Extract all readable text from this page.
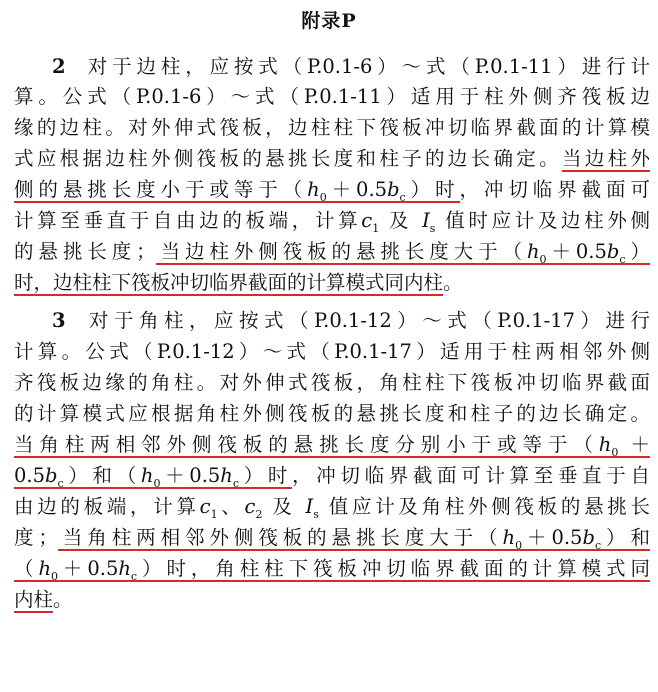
附录P
2 对于边柱，应按式（P.0.1-6）～式（P.0.1-11）进行计
算。公式（P.0.1-6）～式（P.0.1-11）适用于柱外侧齐筏板边
缘的边柱。对外伸式筏板，边柱柱下筏板冲切临界截面的计算模
式应根据边柱外侧筏板的悬挑长度和柱子的边长确定。当边柱外
侧的悬挑长度小于或等于$(h_0+0.5b_c)$时，冲切临界截面可
计算至垂直于自由边的板端，计算$c_1$ 及 $I_s$ 值时应计及边柱外侧
的悬挑长度；当边柱外侧筏板的悬挑长度大于$(h_0+0.5b_c)$
时，边柱柱下筏板冲切临界截面的计算模式同内柱。
3 对于角柱，应按式（P.0.1-12）～式（P.0.1-17）进行
计算。公式（P.0.1-12）～式（P.0.1-17）适用于柱两相邻外侧
齐筏板边缘的角柱。对外伸式筏板，角柱柱下筏板冲切临界截面
的计算模式应根据角柱外侧筏板的悬挑长度和柱子的边长确定。
当角柱两相邻外侧筏板的悬挑长度分别小于或等于（$h_0$ ＋
$0.5b_c$）和$(h_0+0.5h_c)$时，冲切临界截面可计算至垂直于自
由边的板端，计算$c_1$、$c_2$ 及 $I_s$ 值应计及角柱外侧筏板的悬挑长
度；当角柱两相邻外侧筏板的悬挑长度大于$(h_0+0.5b_c)$和
$(h_0+0.5h_c)$时，角柱柱下筏板冲切临界截面的计算模式同
内柱。
